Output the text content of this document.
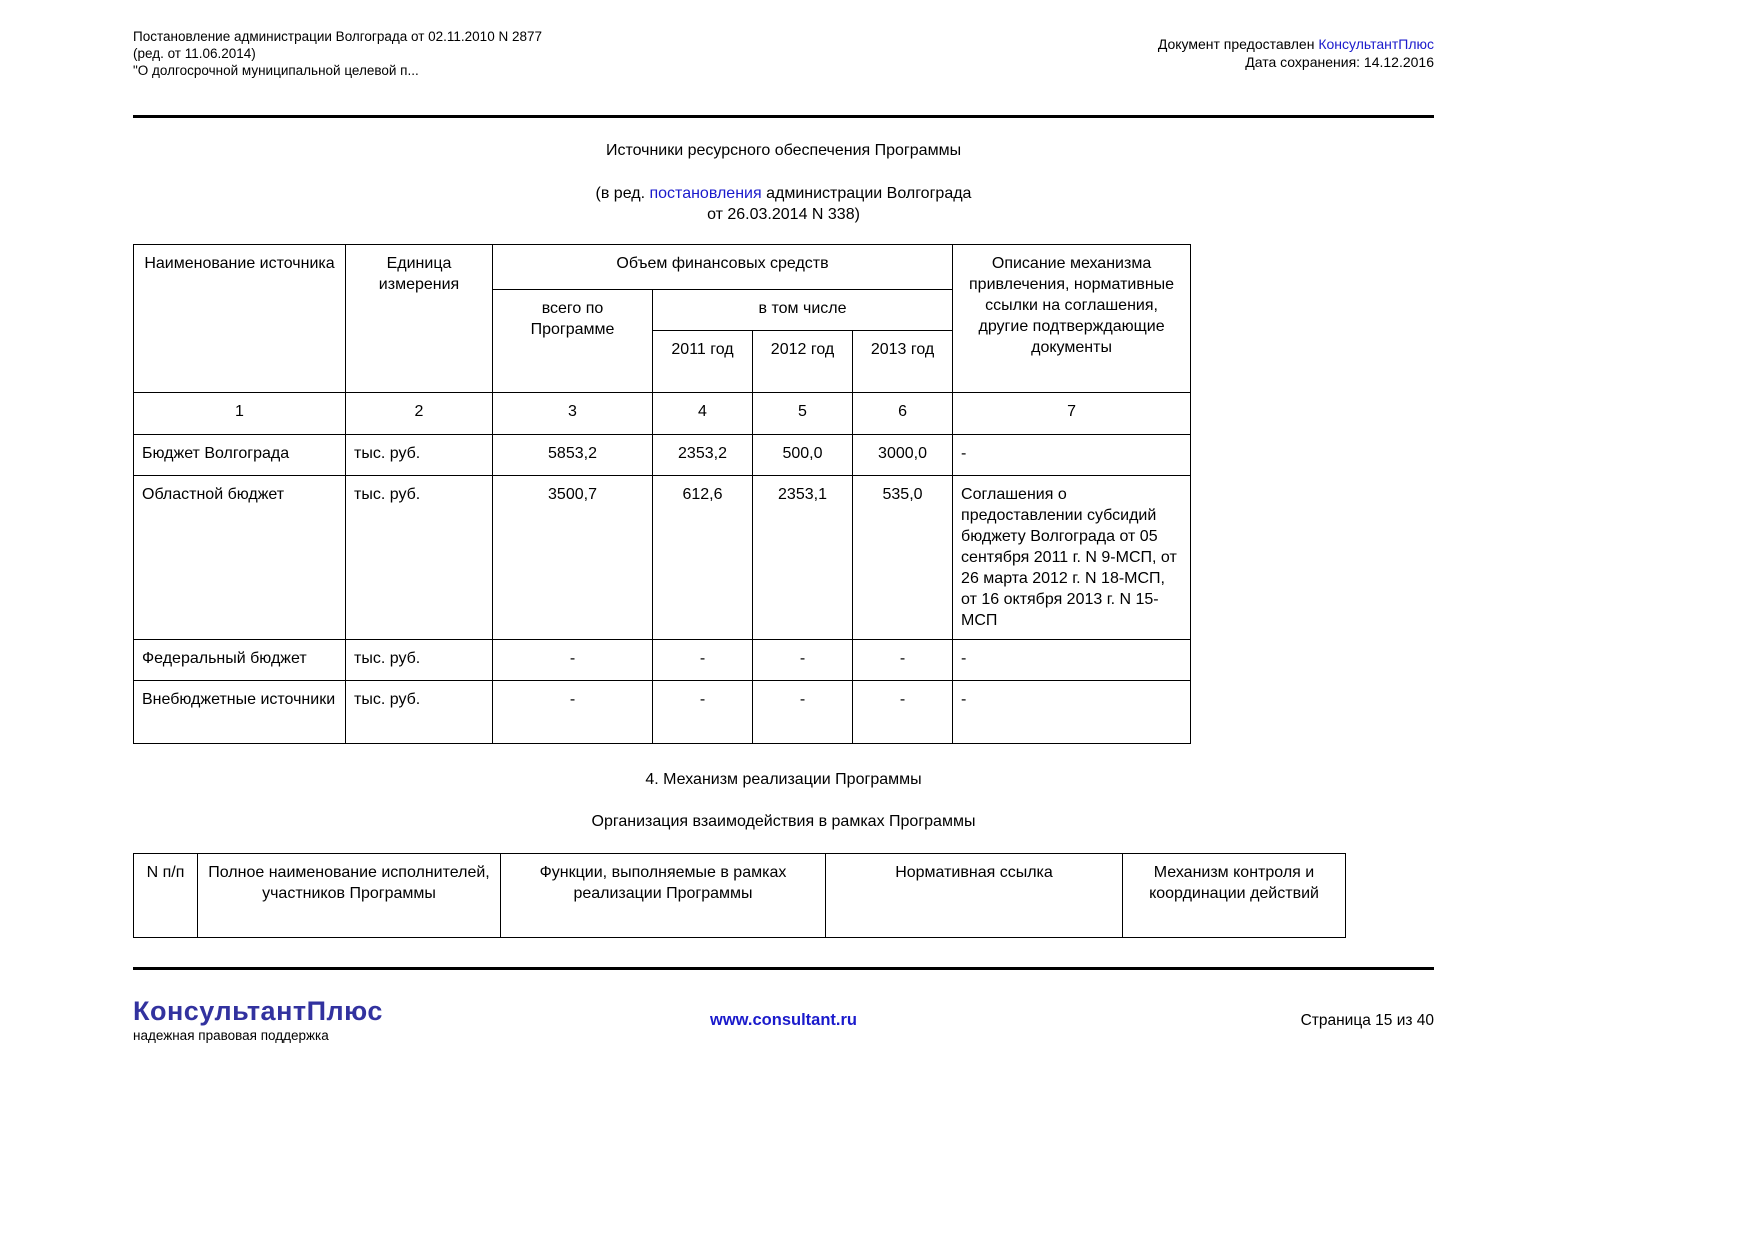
Постановление администрации Волгограда от 02.11.2010 N 2877
(ред. от 11.06.2014)
"О долгосрочной муниципальной целевой п...
Документ предоставлен КонсультантПлюс
Дата сохранения: 14.12.2016
Источники ресурсного обеспечения Программы
(в ред. постановления администрации Волгограда
от 26.03.2014 N 338)
Наименование источника	Единица измерения	Объем финансовых средств				Описание механизма привлечения, нормативные ссылки на соглашения, другие подтверждающие документы
		всего по Программе	в том числе			
			2011 год	2012 год	2013 год	
1	2	3	4	5	6	7
Бюджет Волгограда	тыс. руб.	5853,2	2353,2	500,0	3000,0	-
Областной бюджет	тыс. руб.	3500,7	612,6	2353,1	535,0	Соглашения о предоставлении субсидий бюджету Волгограда от 05 сентября 2011 г. N 9-МСП, от 26 марта 2012 г. N 18-МСП, от 16 октября 2013 г. N 15-МСП
Федеральный бюджет	тыс. руб.	-	-	-	-	-
Внебюджетные источники	тыс. руб.	-	-	-	-	-
4. Механизм реализации Программы
Организация взаимодействия в рамках Программы
N п/п	Полное наименование исполнителей, участников Программы	Функции, выполняемые в рамках реализации Программы	Нормативная ссылка	Механизм контроля и координации действий
КонсультантПлюс
надежная правовая поддержка
www.consultant.ru	Страница 15 из 40
